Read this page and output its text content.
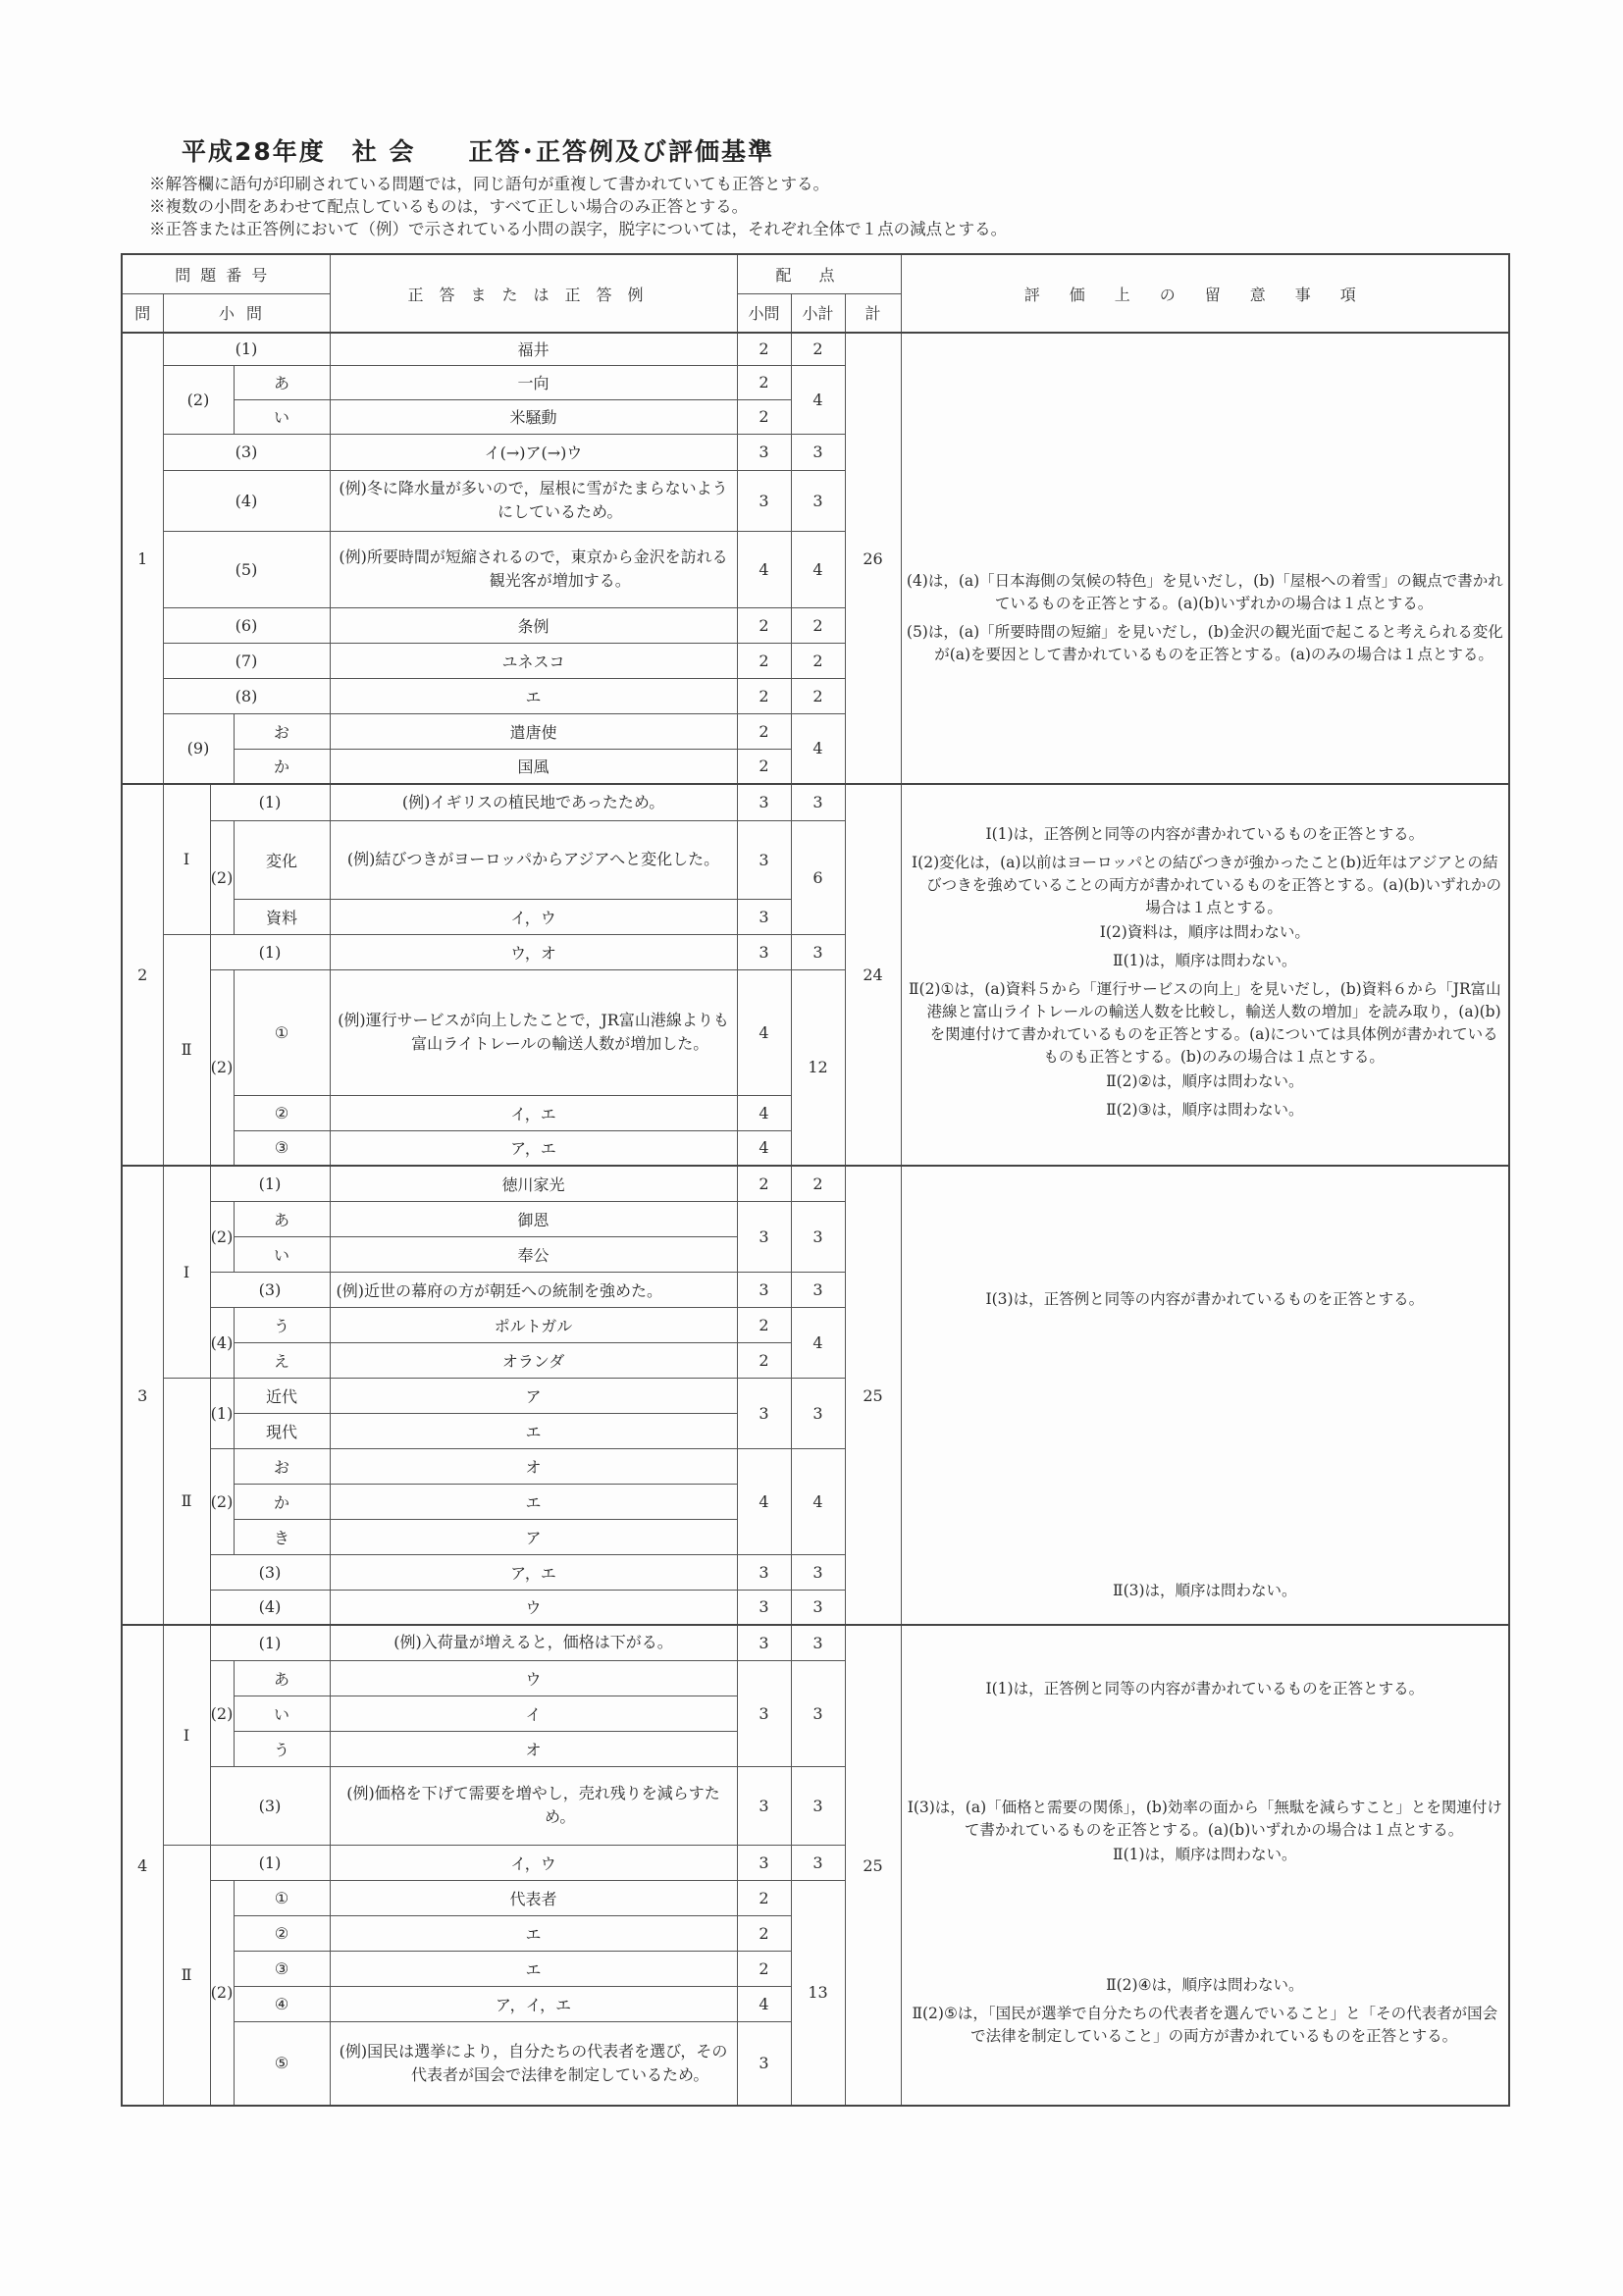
平成28年度　社 会　　正答･正答例及び評価基準
※解答欄に語句が印刷されている問題では，同じ語句が重複して書かれていても正答とする。
※複数の小問をあわせて配点しているものは，すべて正しい場合のみ正答とする。
※正答または正答例において（例）で示されている小問の誤字，脱字については，それぞれ全体で１点の減点とする。
問題番号				正答または正答例	配点			評価上の留意事項
問	小問				小問	小計	計	
1	(1)			福井	2	2	26	(4)は，(a)「日本海側の気候の特色」を見いだし，(b)「屋根への着雪」の観点で書かれているものを正答とする。(a)(b)いずれかの場合は１点とする。
(5)は，(a)「所要時間の短縮」を見いだし，(b)金沢の観光面で起こると考えられる変化が(a)を要因として書かれているものを正答とする。(a)のみの場合は１点とする。

	(2)		あ	一向	2	4		
			い	米騒動	2			
	(3)			イ(→)ア(→)ウ	3	3		
	(4)			(例)冬に降水量が多いので，屋根に雪がたまらないようにしているため。	3	3		
	(5)			(例)所要時間が短縮されるので，東京から金沢を訪れる観光客が増加する。	4	4		
	(6)			条例	2	2		
	(7)			ユネスコ	2	2		
	(8)			エ	2	2		
	(9)		お	遣唐使	2	4		
			か	国風	2			
2	Ⅰ	(1)	(例)イギリスの植民地であったため。	3	3	24	
Ⅰ(1)は，正答例と同等の内容が書かれているものを正答とする。
Ⅰ(2)変化は，(a)以前はヨーロッパとの結びつきが強かったこと(b)近年はアジアとの結びつきを強めていることの両方が書かれているものを正答とする。(a)(b)いずれかの場合は１点とする。
Ⅰ(2)資料は，順序は問わない。
Ⅱ(1)は，順序は問わない。
Ⅱ(2)①は，(a)資料５から「運行サービスの向上」を見いだし，(b)資料６から「JR富山港線と富山ライトレールの輸送人数を比較し，輸送人数の増加」を読み取り，(a)(b)を関連付けて書かれているものを正答とする。(a)については具体例が書かれているものも正答とする。(b)のみの場合は１点とする。
Ⅱ(2)②は，順序は問わない。
Ⅱ(2)③は，順序は問わない。

		(2)	変化	(例)結びつきがヨーロッパからアジアへと変化した。	3	6		
			資料	イ，ウ	3			
	Ⅱ	(1)		ウ，オ	3	3		
		(2)	①	(例)運行サービスが向上したことで，JR富山港線よりも富山ライトレールの輸送人数が増加した。	4	12		
			②	イ，エ	4			
			③	ア，エ	4			
3	Ⅰ	(1)		徳川家光	2	2	25	Ⅰ(3)は，正答例と同等の内容が書かれているものを正答とする。
Ⅱ(3)は，順序は問わない。

		(2)	あ	御恩	3	3		
			い	奉公				
		(3)		(例)近世の幕府の方が朝廷への統制を強めた。	3	3		
		(4)	う	ポルトガル	2	4		
			え	オランダ	2			
	Ⅱ	(1)	近代	ア	3	3		
			現代	エ				
		(2)	お	オ	4	4		
			か	エ				
			き	ア				
		(3)		ア，エ	3	3		
		(4)		ウ	3	3		
4	Ⅰ	(1)		(例)入荷量が増えると，価格は下がる。	3	3	25	Ⅰ(1)は，正答例と同等の内容が書かれているものを正答とする。
Ⅰ(3)は，(a)「価格と需要の関係」，(b)効率の面から「無駄を減らすこと」とを関連付けて書かれているものを正答とする。(a)(b)いずれかの場合は１点とする。
Ⅱ(1)は，順序は問わない。
Ⅱ(2)④は，順序は問わない。
Ⅱ(2)⑤は，「国民が選挙で自分たちの代表者を選んでいること」と「その代表者が国会で法律を制定していること」の両方が書かれているものを正答とする。

		(2)	あ	ウ	3	3		
			い	イ				
			う	オ				
		(3)		(例)価格を下げて需要を増やし，売れ残りを減らすため。	3	3		
	Ⅱ	(1)		イ，ウ	3	3		
		(2)	①	代表者	2	13		
			②	エ	2			
			③	エ	2			
			④	ア，イ，エ	4			
			⑤	(例)国民は選挙により，自分たちの代表者を選び，その代表者が国会で法律を制定しているため。	3			
